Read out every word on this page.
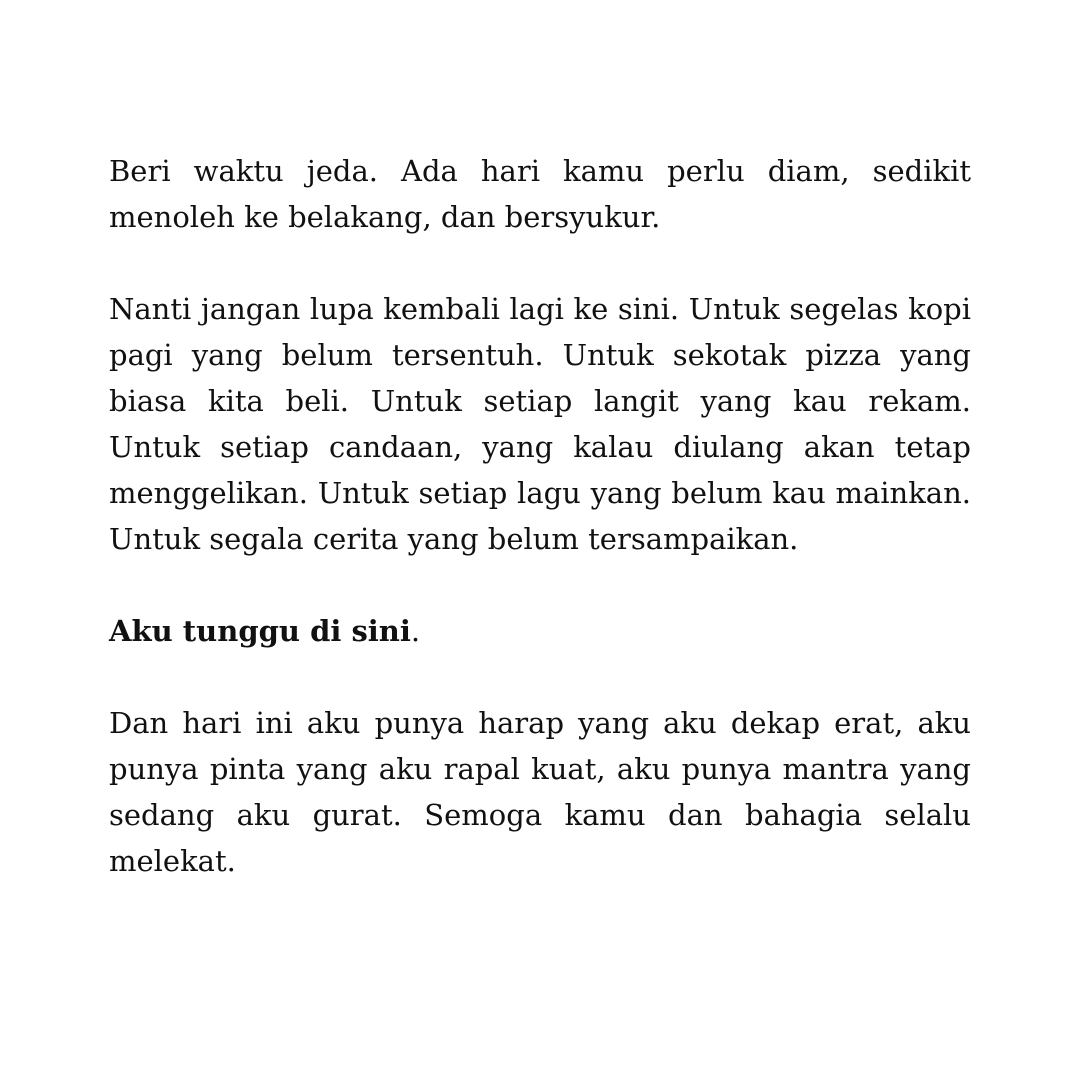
Beri waktu jeda. Ada hari kamu perlu diam, sedikit menoleh ke belakang, dan bersyukur.

Nanti jangan lupa kembali lagi ke sini. Untuk segelas kopi pagi yang belum tersentuh. Untuk sekotak pizza yang biasa kita beli. Untuk setiap langit yang kau rekam. Untuk setiap candaan, yang kalau diulang akan tetap menggelikan. Untuk setiap lagu yang belum kau mainkan. Untuk segala cerita yang belum tersampaikan.

Aku tunggu di sini.

Dan hari ini aku punya harap yang aku dekap erat, aku punya pinta yang aku rapal kuat, aku punya mantra yang sedang aku gurat. Semoga kamu dan bahagia selalu melekat.
